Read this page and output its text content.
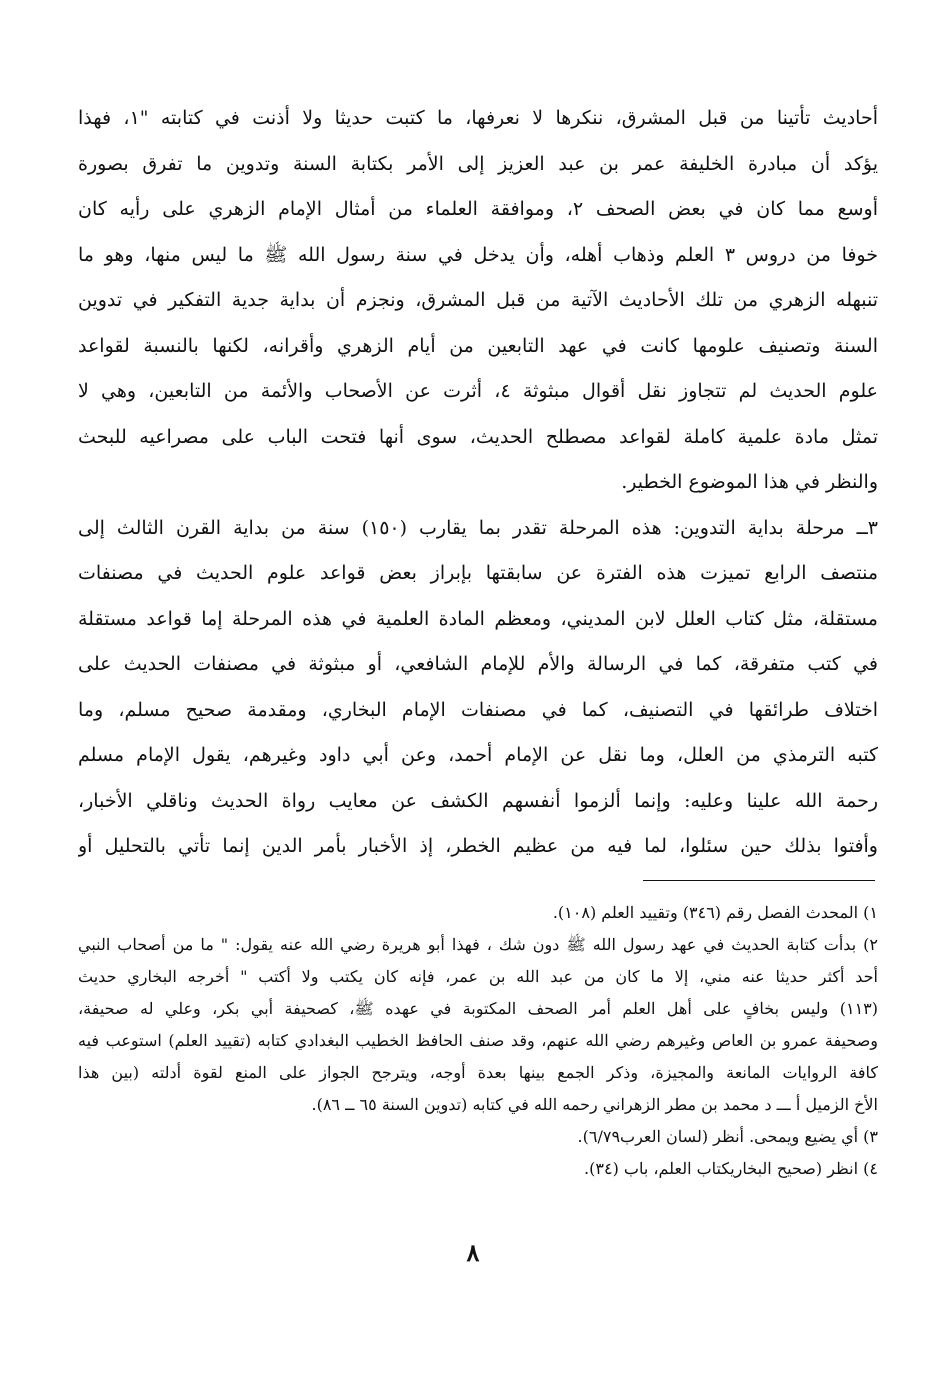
أحاديث تأتينا من قبل المشرق، ننكرها لا نعرفها، ما كتبت حديثا ولا أذنت في كتابته "١، فهذا
يؤكد أن مبادرة الخليفة عمر بن عبد العزيز إلى الأمر بكتابة السنة وتدوين ما تفرق بصورة
أوسع مما كان في بعض الصحف ٢، وموافقة العلماء من أمثال الإمام الزهري على رأيه كان
خوفا من دروس ٣ العلم وذهاب أهله، وأن يدخل في سنة رسول الله ﷺ ما ليس منها، وهو ما
تنبهله الزهري من تلك الأحاديث الآتية من قبل المشرق، ونجزم أن بداية جدية التفكير في تدوين
السنة وتصنيف علومها كانت في عهد التابعين من أيام الزهري وأقرانه، لكنها بالنسبة لقواعد
علوم الحديث لم تتجاوز نقل أقوال مبثوثة ٤، أثرت عن الأصحاب والأئمة من التابعين، وهي لا
تمثل مادة علمية كاملة لقواعد مصطلح الحديث، سوى أنها فتحت الباب على مصراعيه للبحث
والنظر في هذا الموضوع الخطير.
٣ــ مرحلة بداية التدوين: هذه المرحلة تقدر بما يقارب (١٥٠) سنة من بداية القرن الثالث إلى
منتصف الرابع تميزت هذه الفترة عن سابقتها بإبراز بعض قواعد علوم الحديث في مصنفات
مستقلة، مثل كتاب العلل لابن المديني، ومعظم المادة العلمية في هذه المرحلة إما قواعد مستقلة
في كتب متفرقة، كما في الرسالة والأم للإمام الشافعي، أو مبثوثة في مصنفات الحديث على
اختلاف طرائقها في التصنيف، كما في مصنفات الإمام البخاري، ومقدمة صحيح مسلم، وما
كتبه الترمذي من العلل، وما نقل عن الإمام أحمد، وعن أبي داود وغيرهم، يقول الإمام مسلم
رحمة الله علينا وعليه: وإنما ألزموا أنفسهم الكشف عن معايب رواة الحديث وناقلي الأخبار،
وأفتوا بذلك حين سئلوا، لما فيه من عظيم الخطر، إذ الأخبار بأمر الدين إنما تأتي بالتحليل أو
١) المحدث الفصل رقم (٣٤٦) وتقييد العلم (١٠٨).
٢) بدأت كتابة الحديث في عهد رسول الله ﷺ دون شك ، فهذا أبو هريرة رضي الله عنه يقول: " ما من أصحاب النبي
أحد أكثر حديثا عنه مني، إلا ما كان من عبد الله بن عمر، فإنه كان يكتب ولا أكتب " أخرجه البخاري حديث
(١١٣) وليس بخافٍ على أهل العلم أمر الصحف المكتوبة في عهده ﷺ، كصحيفة أبي بكر، وعلي له صحيفة،
وصحيفة عمرو بن العاص وغيرهم رضي الله عنهم، وقد صنف الحافظ الخطيب البغدادي كتابه (تقييد العلم) استوعب فيه
كافة الروايات المانعة والمجيزة، وذكر الجمع بينها بعدة أوجه، ويترجح الجواز على المنع لقوة أدلته (بين هذا
الأخ الزميل أ ـــ د محمد بن مطر الزهراني رحمه الله في كتابه (تدوين السنة ٦٥ ــ ٨٦).
٣) أي يضيع ويمحى. أنظر (لسان العرب٦/٧٩).
٤) انظر (صحيح البخاريكتاب العلم، باب (٣٤).
٨
